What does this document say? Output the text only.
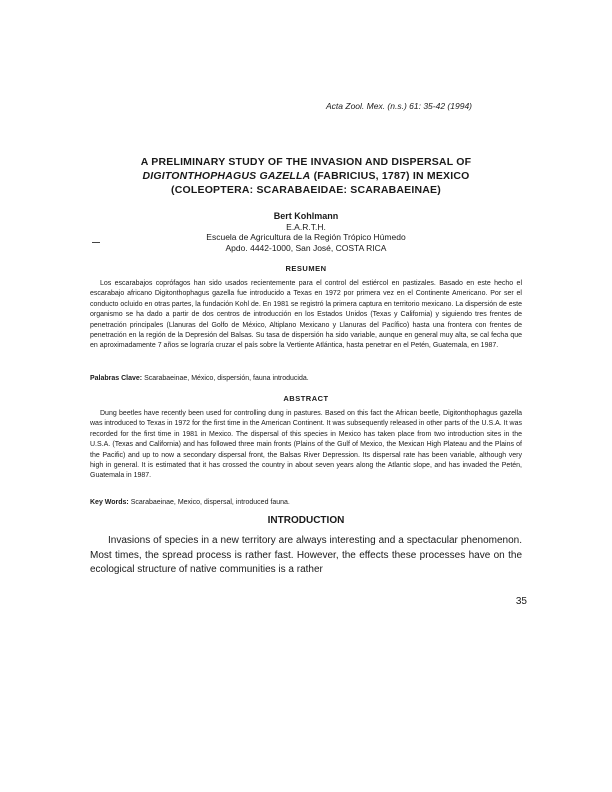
Acta Zool. Mex. (n.s.) 61: 35-42 (1994)
A PRELIMINARY STUDY OF THE INVASION AND DISPERSAL OF
DIGITONTHOPHAGUS GAZELLA (FABRICIUS, 1787) IN MEXICO
(COLEOPTERA: SCARABAEIDAE: SCARABAEINAE)
Bert Kohlmann
E.A.R.T.H.
Escuela de Agricultura de la Región Trópico Húmedo
Apdo. 4442-1000, San José, COSTA RICA
RESUMEN
Los escarabajos coprófagos han sido usados recientemente para el control del estiércol en pastizales. Basado en este hecho el escarabajo africano Digitonthophagus gazella fue introducido a Texas en 1972 por primera vez en el Continente Americano. Por ser el conducto ocluido en otras partes, la fundación Kohl de. En 1981 se registró la primera captura en territorio mexicano. La dispersión de este organismo se ha dado a partir de dos centros de introducción en los Estados Unidos (Texas y California) y siguiendo tres frentes de penetración principales (Llanuras del Golfo de México, Altiplano Mexicano y Llanuras del Pacífico) hasta una frontera con frentes de penetración en la región de la Depresión del Balsas. Su tasa de dispersión ha sido variable, aunque en general muy alta, se cal fecha que en aproximadamente 7 años se lograría cruzar el país sobre la Vertiente Atlántica, hasta penetrar en el Petén, Guatemala, en 1987.
Palabras Clave: Scarabaeinae, México, dispersión, fauna introducida.
ABSTRACT
Dung beetles have recently been used for controlling dung in pastures. Based on this fact the African beetle, Digitonthophagus gazella was introduced to Texas in 1972 for the first time in the American Continent. It was subsequently released in other parts of the U.S.A. It was recorded for the first time in 1981 in Mexico. The dispersal of this species in Mexico has taken place from two introduction sites in the U.S.A. (Texas and California) and has followed three main fronts (Plains of the Gulf of Mexico, the Mexican High Plateau and the Plains of the Pacific) and up to now a secondary dispersal front, the Balsas River Depression. Its dispersal rate has been variable, although very high in general. It is estimated that it has crossed the country in about seven years along the Atlantic slope, and has invaded the Petén, Guatemala in 1987.
Key Words: Scarabaeinae, Mexico, dispersal, introduced fauna.
INTRODUCTION
Invasions of species in a new territory are always interesting and a spectacular phenomenon. Most times, the spread process is rather fast. However, the effects these processes have on the ecological structure of native communities is a rather
35
